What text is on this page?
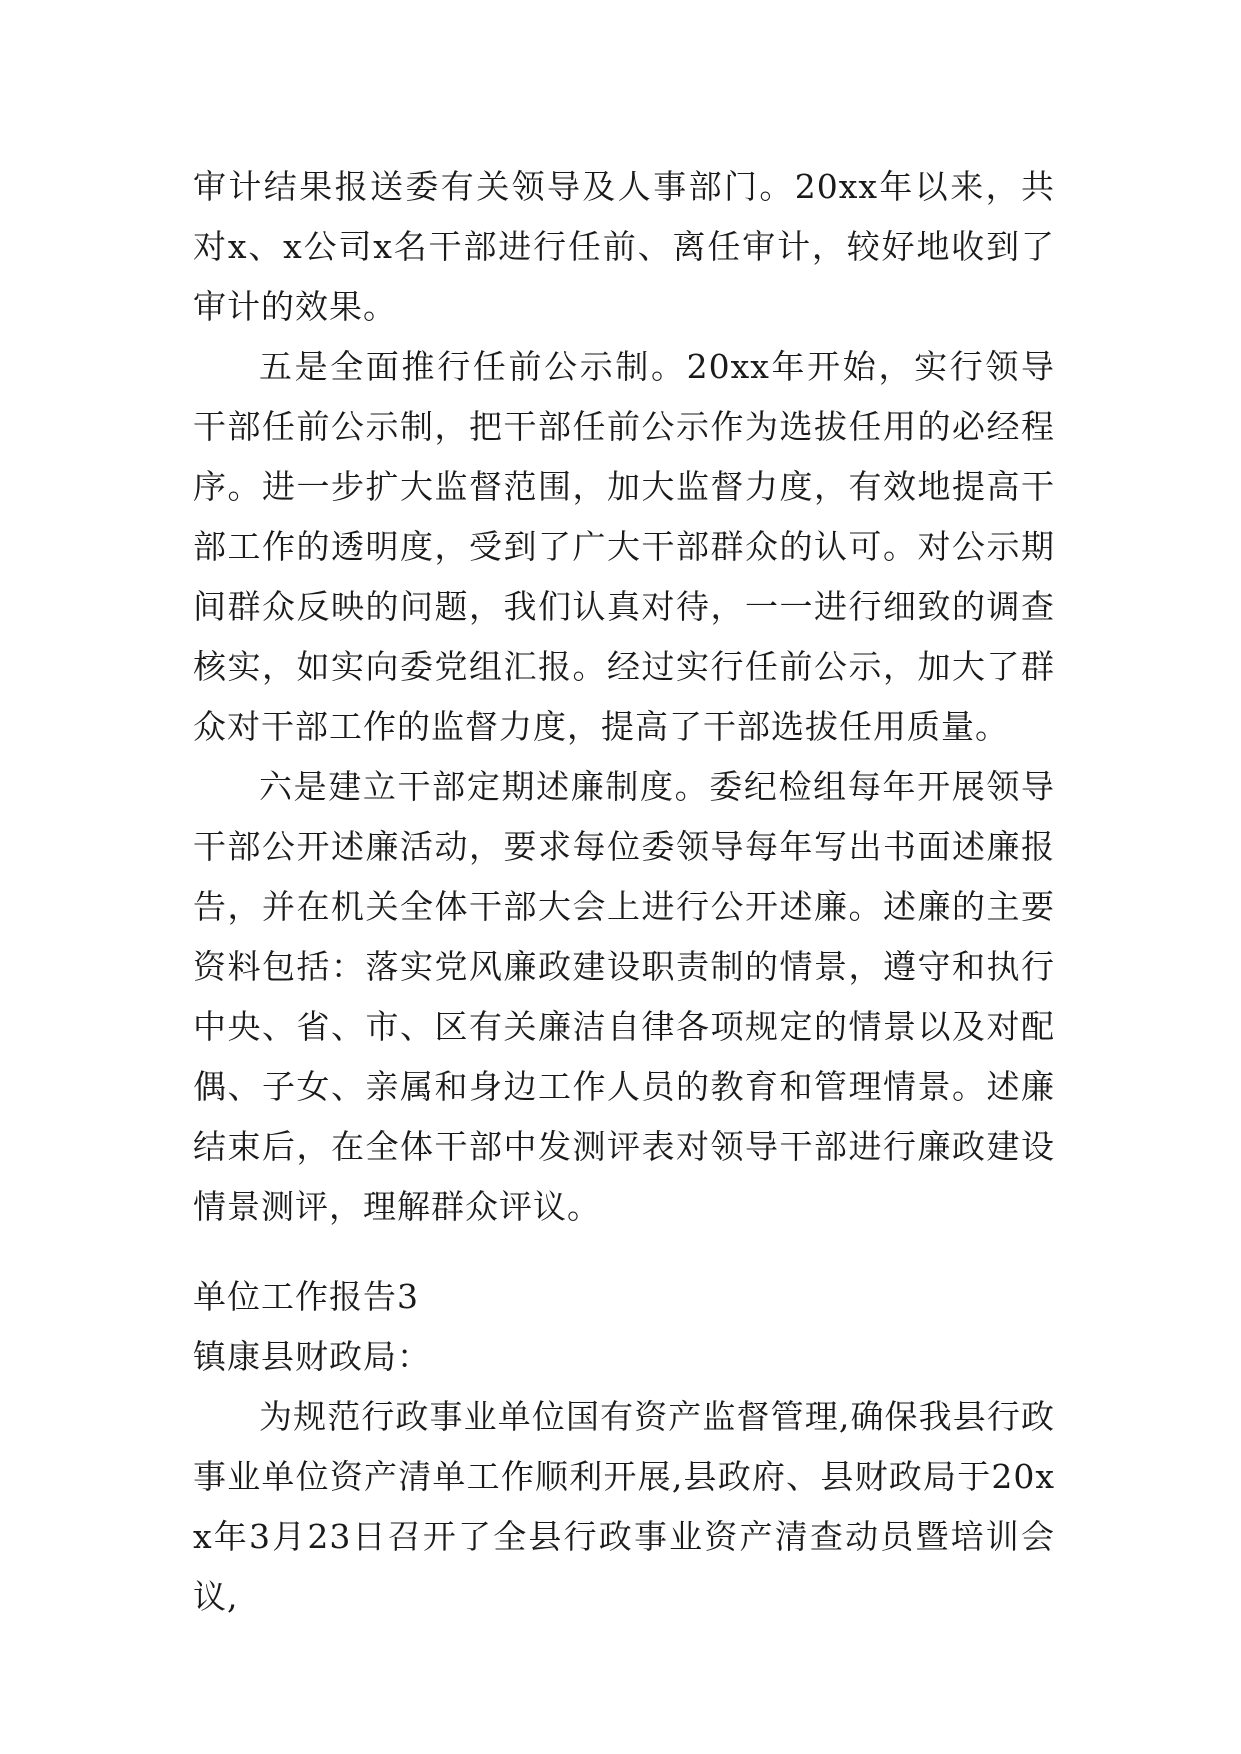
审计结果报送委有关领导及人事部门。20xx年以来，共对x、x公司x名干部进行任前、离任审计，较好地收到了审计的效果。
五是全面推行任前公示制。20xx年开始，实行领导干部任前公示制，把干部任前公示作为选拔任用的必经程序。进一步扩大监督范围，加大监督力度，有效地提高干部工作的透明度，受到了广大干部群众的认可。对公示期间群众反映的问题，我们认真对待，一一进行细致的调查核实，如实向委党组汇报。经过实行任前公示，加大了群众对干部工作的监督力度，提高了干部选拔任用质量。
六是建立干部定期述廉制度。委纪检组每年开展领导干部公开述廉活动，要求每位委领导每年写出书面述廉报告，并在机关全体干部大会上进行公开述廉。述廉的主要资料包括：落实党风廉政建设职责制的情景，遵守和执行中央、省、市、区有关廉洁自律各项规定的情景以及对配偶、子女、亲属和身边工作人员的教育和管理情景。述廉结束后，在全体干部中发测评表对领导干部进行廉政建设情景测评，理解群众评议。
单位工作报告3
镇康县财政局：
为规范行政事业单位国有资产监督管理,确保我县行政事业单位资产清单工作顺利开展,县政府、县财政局于20xx年3月23日召开了全县行政事业资产清查动员暨培训会议,
